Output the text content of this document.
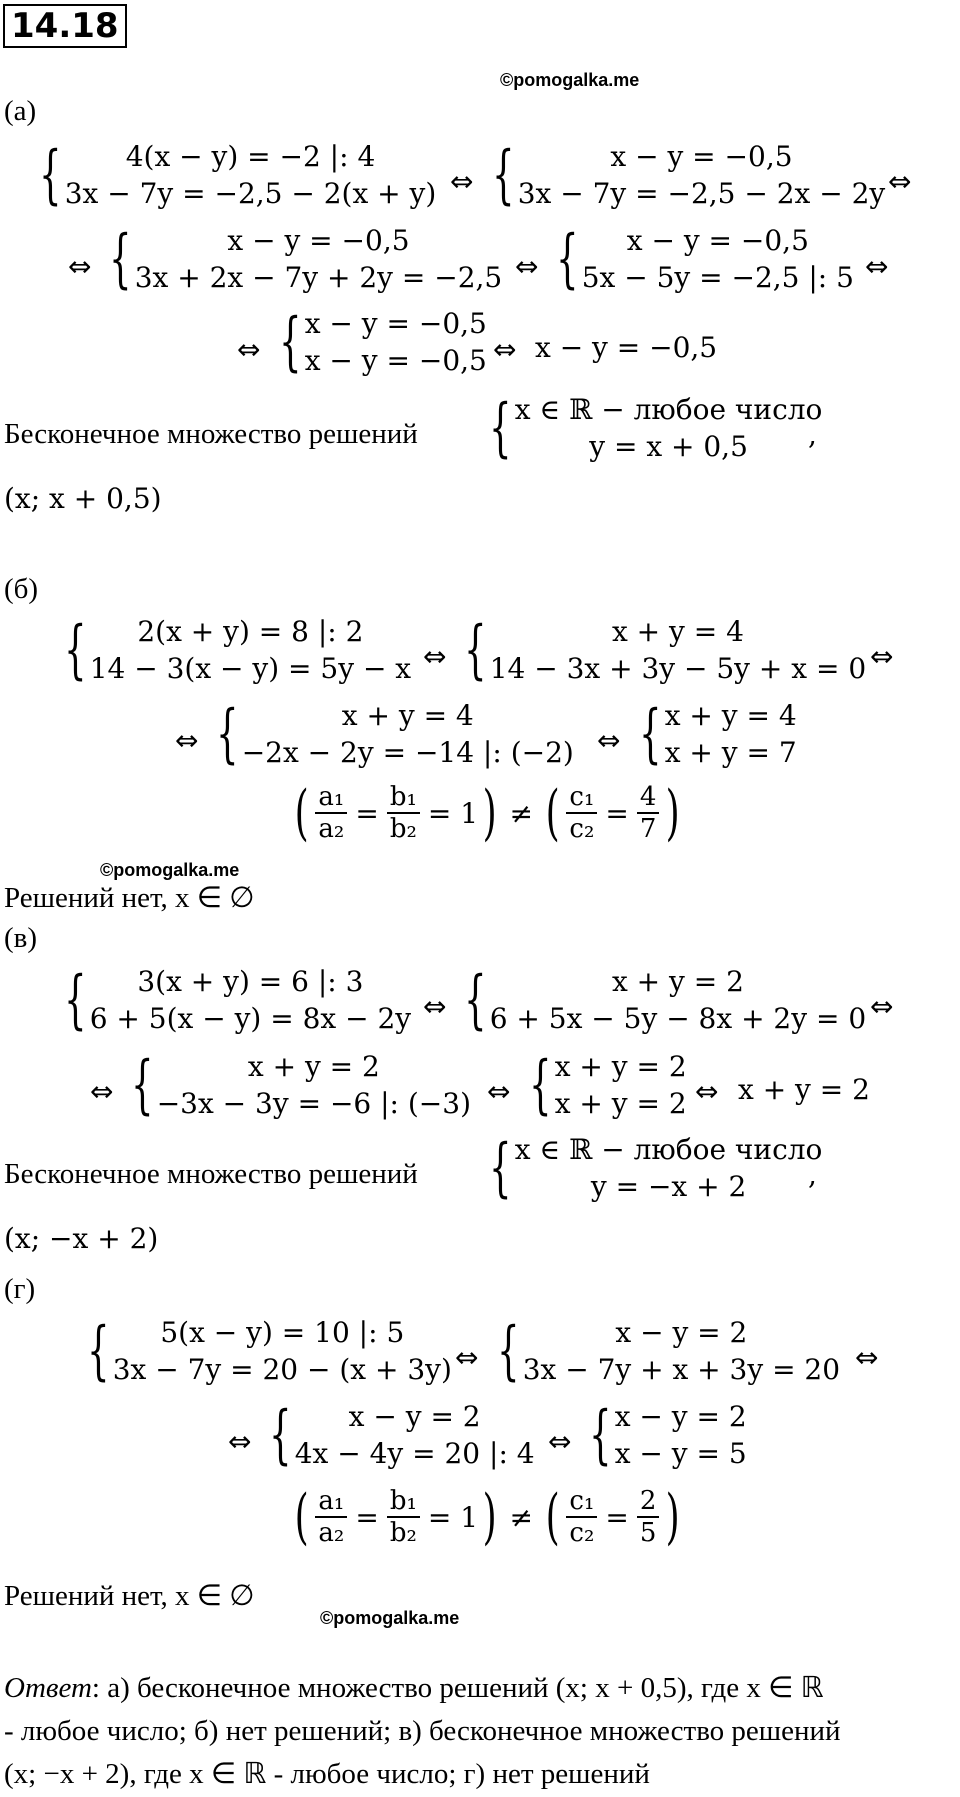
14.18
©pomogalka.me
(а)
{	4(x − y) = −2 |: 4
3x − 7y = −2,5 − 2(x + y) ⇔ {	x − y = −0,5
3x − 7y = −2,5 − 2x − 2y ⇔
⇔ {	x − y = −0,5
3x + 2x − 7y + 2y = −2,5 ⇔ {	x − y = −0,5
5x − 5y = −2,5 |: 5 ⇔
⇔ { x − y = −0,5
x − y = −0,5 ⇔ x − y = −0,5
Бесконечное множество решений { x ∈ ℝ − любое число
y = x + 0,5	,
(x; x + 0,5)
(б)
{	2(x + y) = 8 |: 2
14 − 3(x − y) = 5y − x ⇔ {	x + y = 4
14 − 3x + 3y − 5y + x = 0 ⇔
⇔ {	x + y = 4
−2x − 2y = −14 |: (−2) ⇔ { x + y = 4
x + y = 7
( $\frac{\text{a₁}}{\text{a₂}} = \frac{\text{b₁}}{\text{b₂}} = 1$ ) ≠ ( $\frac{\text{c₁}}{\text{c₂}} = \frac{4}{7}$ )
©pomogalka.me
Решений нет, x ∈ ∅
(в)
{	3(x + y) = 6 |: 3
6 + 5(x − y) = 8x − 2y ⇔ {	x + y = 2
6 + 5x − 5y − 8x + 2y = 0 ⇔
⇔ {	x + y = 2
−3x − 3y = −6 |: (−3) ⇔ { x + y = 2
x + y = 2 ⇔ x + y = 2
Бесконечное множество решений { x ∈ ℝ − любое число
y = −x + 2	,
(x; −x + 2)
(г)
{	5(x − y) = 10 |: 5
3x − 7y = 20 − (x + 3y) ⇔ {	x − y = 2
3x − 7y + x + 3y = 20 ⇔
⇔ {	x − y = 2
4x − 4y = 20 |: 4 ⇔ { x − y = 2
x − y = 5
( $\frac{\text{a₁}}{\text{a₂}} = \frac{\text{b₁}}{\text{b₂}} = 1$ ) ≠ ( $\frac{\text{c₁}}{\text{c₂}} = \frac{2}{5}$ )
Решений нет, x ∈ ∅
©pomogalka.me
Ответ: а) бесконечное множество решений (x; x + 0,5), где x ∈ ℝ
- любое число; б) нет решений; в) бесконечное множество решений
(x; −x + 2), где x ∈ ℝ - любое число; г) нет решений
